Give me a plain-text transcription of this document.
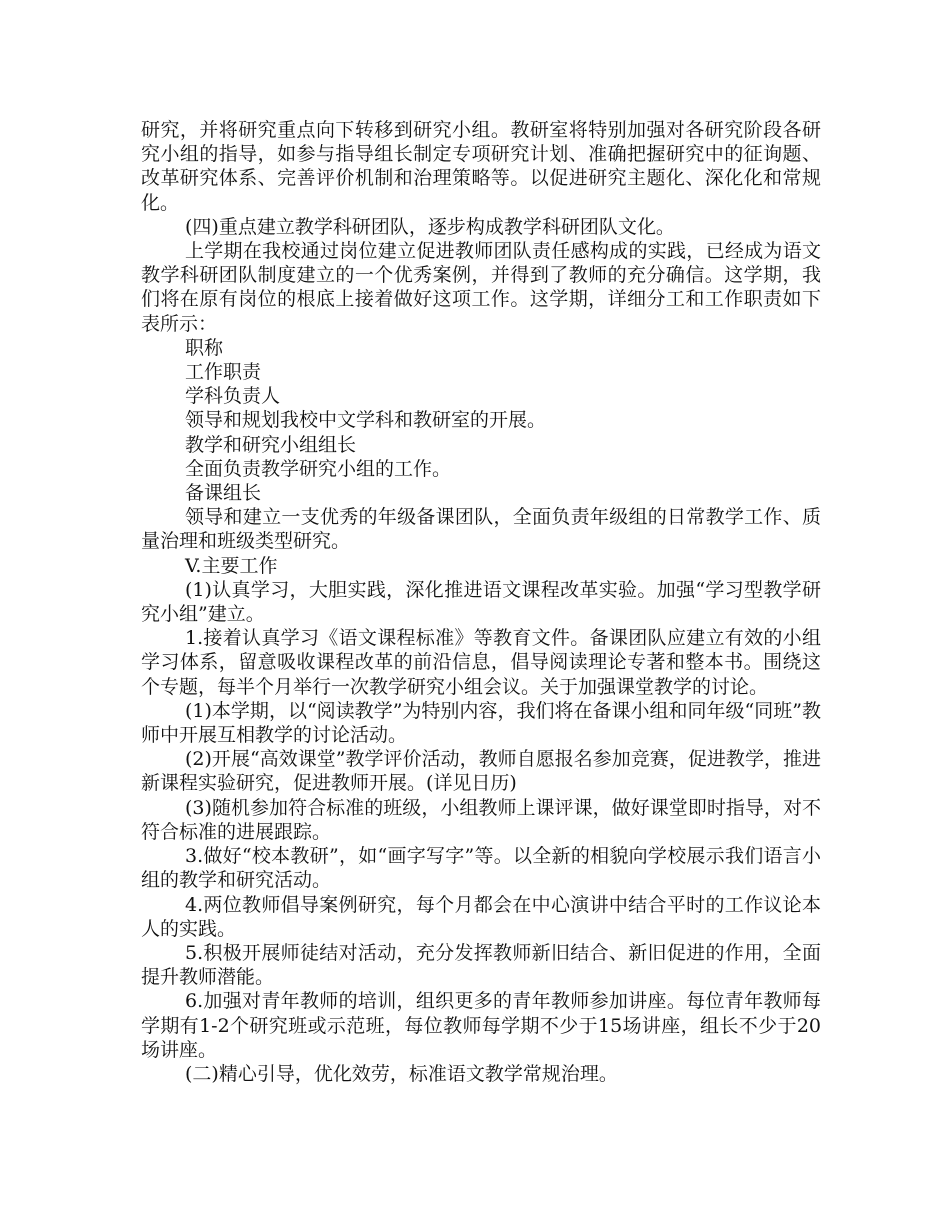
研究，并将研究重点向下转移到研究小组。教研室将特别加强对各研究阶段各研究小组的指导，如参与指导组长制定专项研究计划、准确把握研究中的征询题、改革研究体系、完善评价机制和治理策略等。以促进研究主题化、深化化和常规化。

(四)重点建立教学科研团队，逐步构成教学科研团队文化。

上学期在我校通过岗位建立促进教师团队责任感构成的实践，已经成为语文教学科研团队制度建立的一个优秀案例，并得到了教师的充分确信。这学期，我们将在原有岗位的根底上接着做好这项工作。这学期，详细分工和工作职责如下表所示：

职称

工作职责

学科负责人

领导和规划我校中文学科和教研室的开展。

教学和研究小组组长

全面负责教学研究小组的工作。

备课组长

领导和建立一支优秀的年级备课团队，全面负责年级组的日常教学工作、质量治理和班级类型研究。

V.主要工作

(1)认真学习，大胆实践，深化推进语文课程改革实验。加强“学习型教学研究小组”建立。

1.接着认真学习《语文课程标准》等教育文件。备课团队应建立有效的小组学习体系，留意吸收课程改革的前沿信息，倡导阅读理论专著和整本书。围绕这个专题，每半个月举行一次教学研究小组会议。关于加强课堂教学的讨论。

(1)本学期，以“阅读教学”为特别内容，我们将在备课小组和同年级“同班”教师中开展互相教学的讨论活动。

(2)开展“高效课堂”教学评价活动，教师自愿报名参加竞赛，促进教学，推进新课程实验研究，促进教师开展。(详见日历)

(3)随机参加符合标准的班级，小组教师上课评课，做好课堂即时指导，对不符合标准的进展跟踪。

3.做好“校本教研”，如“画字写字”等。以全新的相貌向学校展示我们语言小组的教学和研究活动。

4.两位教师倡导案例研究，每个月都会在中心演讲中结合平时的工作议论本人的实践。

5.积极开展师徒结对活动，充分发挥教师新旧结合、新旧促进的作用，全面提升教师潜能。

6.加强对青年教师的培训，组织更多的青年教师参加讲座。每位青年教师每学期有1-2个研究班或示范班，每位教师每学期不少于15场讲座，组长不少于20场讲座。

(二)精心引导，优化效劳，标准语文教学常规治理。
